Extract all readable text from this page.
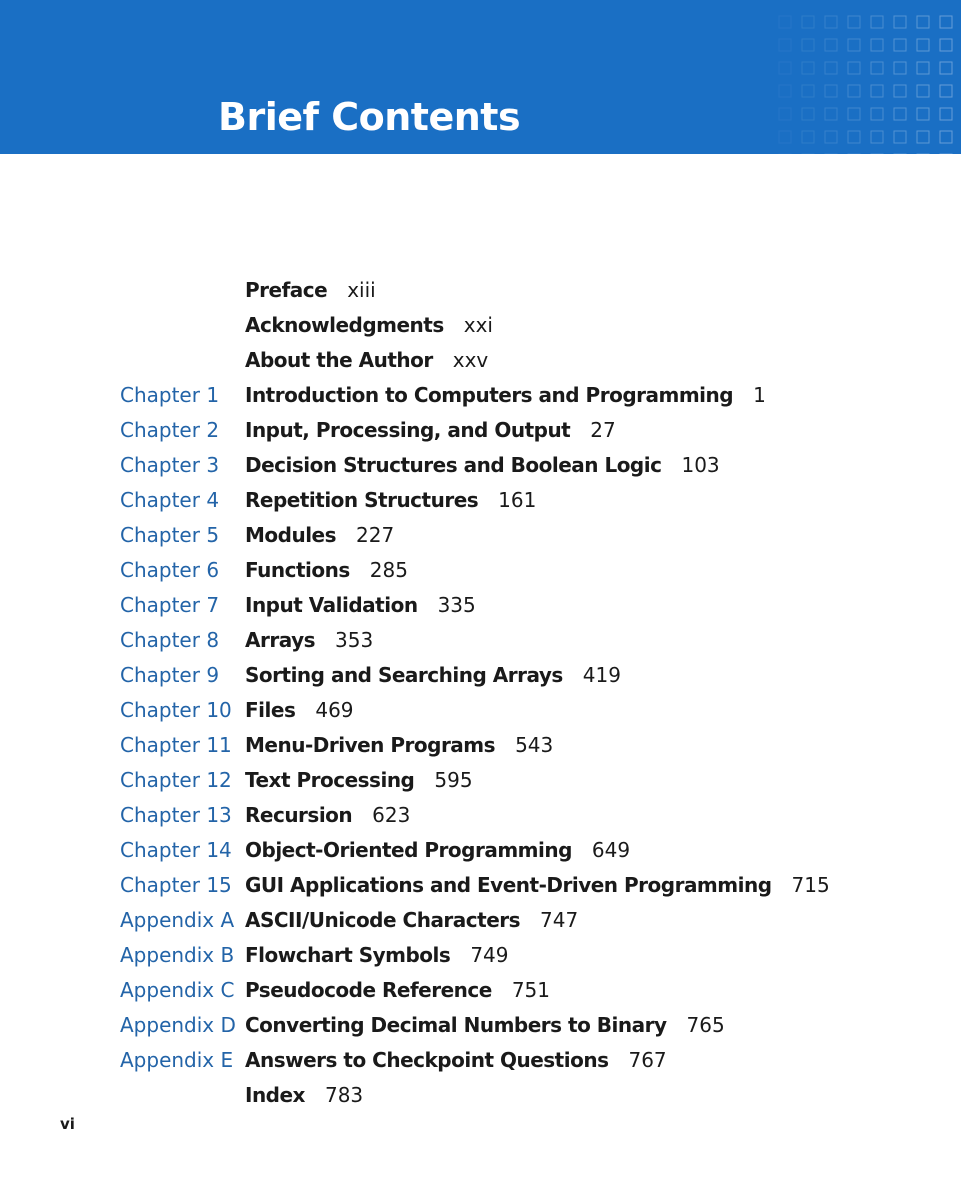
Brief Contents
Preface xiii
Acknowledgments xxi
About the Author xxv
Chapter 1 Introduction to Computers and Programming 1
Chapter 2 Input, Processing, and Output 27
Chapter 3 Decision Structures and Boolean Logic 103
Chapter 4 Repetition Structures 161
Chapter 5 Modules 227
Chapter 6 Functions 285
Chapter 7 Input Validation 335
Chapter 8 Arrays 353
Chapter 9 Sorting and Searching Arrays 419
Chapter 10 Files 469
Chapter 11 Menu-Driven Programs 543
Chapter 12 Text Processing 595
Chapter 13 Recursion 623
Chapter 14 Object-Oriented Programming 649
Chapter 15 GUI Applications and Event-Driven Programming 715
Appendix A ASCII/Unicode Characters 747
Appendix B Flowchart Symbols 749
Appendix C Pseudocode Reference 751
Appendix D Converting Decimal Numbers to Binary 765
Appendix E Answers to Checkpoint Questions 767
Index 783
vi
